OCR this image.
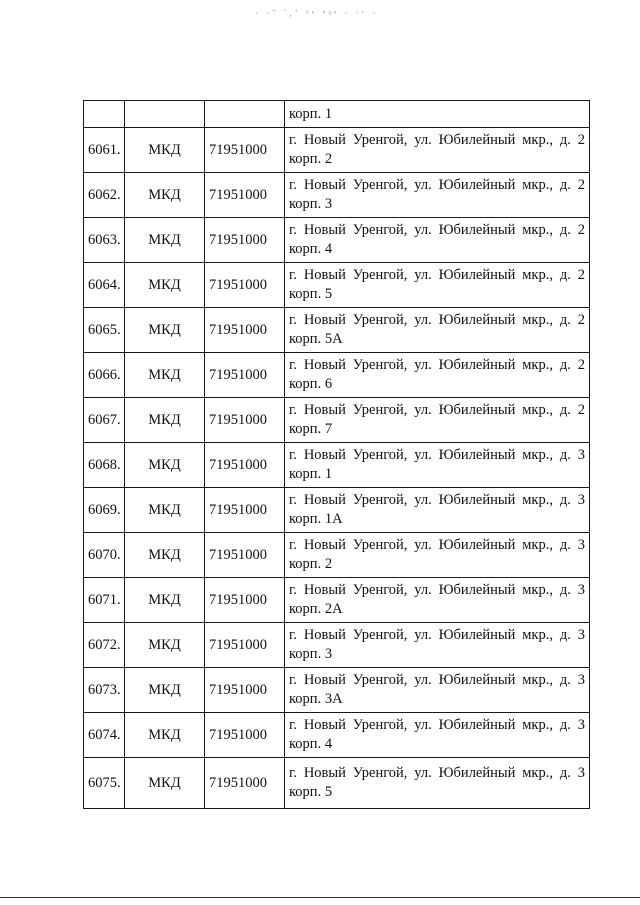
· ·ˇ ˋ,ʼ ʰᵃ ʰᵍᵉ · ·ʳ ·
			корп. 1
6061.	МКД	71951000	г. Новый Уренгой, ул. Юбилейный мкр., д. 2 корп. 2
6062.	МКД	71951000	г. Новый Уренгой, ул. Юбилейный мкр., д. 2 корп. 3
6063.	МКД	71951000	г. Новый Уренгой, ул. Юбилейный мкр., д. 2 корп. 4
6064.	МКД	71951000	г. Новый Уренгой, ул. Юбилейный мкр., д. 2 корп. 5
6065.	МКД	71951000	г. Новый Уренгой, ул. Юбилейный мкр., д. 2 корп. 5А
6066.	МКД	71951000	г. Новый Уренгой, ул. Юбилейный мкр., д. 2 корп. 6
6067.	МКД	71951000	г. Новый Уренгой, ул. Юбилейный мкр., д. 2 корп. 7
6068.	МКД	71951000	г. Новый Уренгой, ул. Юбилейный мкр., д. 3 корп. 1
6069.	МКД	71951000	г. Новый Уренгой, ул. Юбилейный мкр., д. 3 корп. 1А
6070.	МКД	71951000	г. Новый Уренгой, ул. Юбилейный мкр., д. 3 корп. 2
6071.	МКД	71951000	г. Новый Уренгой, ул. Юбилейный мкр., д. 3 корп. 2А
6072.	МКД	71951000	г. Новый Уренгой, ул. Юбилейный мкр., д. 3 корп. 3
6073.	МКД	71951000	г. Новый Уренгой, ул. Юбилейный мкр., д. 3 корп. 3А
6074.	МКД	71951000	г. Новый Уренгой, ул. Юбилейный мкр., д. 3 корп. 4
6075.	МКД	71951000	г. Новый Уренгой, ул. Юбилейный мкр., д. 3 корп. 5
